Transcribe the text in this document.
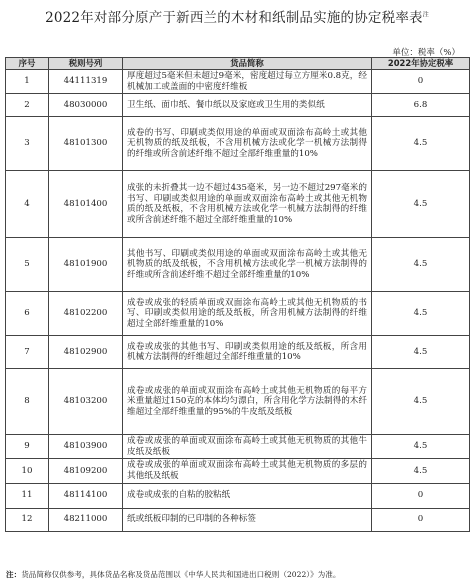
2022年对部分原产于新西兰的木材和纸制品实施的协定税率表$^注$
单位：税率（%）
序号	税则号列	货品简称	2022年协定税率
1	44111319	厚度超过5毫米但未超过9毫米，密度超过每立方厘米0.8克，经机械加工或盖面的中密度纤维板	0
2	48030000	卫生纸、面巾纸、餐巾纸以及家庭或卫生用的类似纸	6.8
3	48101300	成卷的书写、印刷或类似用途的单面或双面涂布高岭土或其他无机物质的纸及纸板，不含用机械方法或化学一机械方法制得的纤维或所含前述纤维不超过全部纤维重量的10%	4.5
4	48101400	成张的未折叠其一边不超过435毫米，另一边不超过297毫米的书写、印刷或类似用途的单面或双面涂布高岭土或其他无机物质的纸及纸板，不含用机械方法或化学一机械方法制得的纤维或所含前述纤维不超过全部纤维重量的10%	4.5
5	48101900	其他书写、印刷或类似用途的单面或双面涂布高岭土或其他无机物质的纸及纸板，不含用机械方法或化学一机械方法制得的纤维或所含前述纤维不超过全部纤维重量的10%	4.5
6	48102200	成卷或成张的轻质单面或双面涂布高岭土或其他无机物质的书写、印刷或类似用途的纸及纸板，所含用机械方法制得的纤维超过全部纤维重量的10%	4.5
7	48102900	成卷或成张的其他书写、印刷或类似用途的纸及纸板，所含用机械方法制得的纤维超过全部纤维重量的10%	4.5
8	48103200	成卷或成张的单面或双面涂布高岭土或其他无机物质的每平方米重量超过150克的本体均匀漂白，所含用化学方法制得的木纤维超过全部纤维重量的95%的牛皮纸及纸板	4.5
9	48103900	成卷或成张的单面或双面涂布高岭土或其他无机物质的其他牛皮纸及纸板	4.5
10	48109200	成卷或成张的单面或双面涂布高岭土或其他无机物质的多层的其他纸及纸板	4.5
11	48114100	成卷或成张的自粘的胶粘纸	0
12	48211000	纸或纸板印制的已印制的各种标签	0
注：货品简称仅供参考，具体货品名称及货品范围以《中华人民共和国进出口税则（2022）》为准。
